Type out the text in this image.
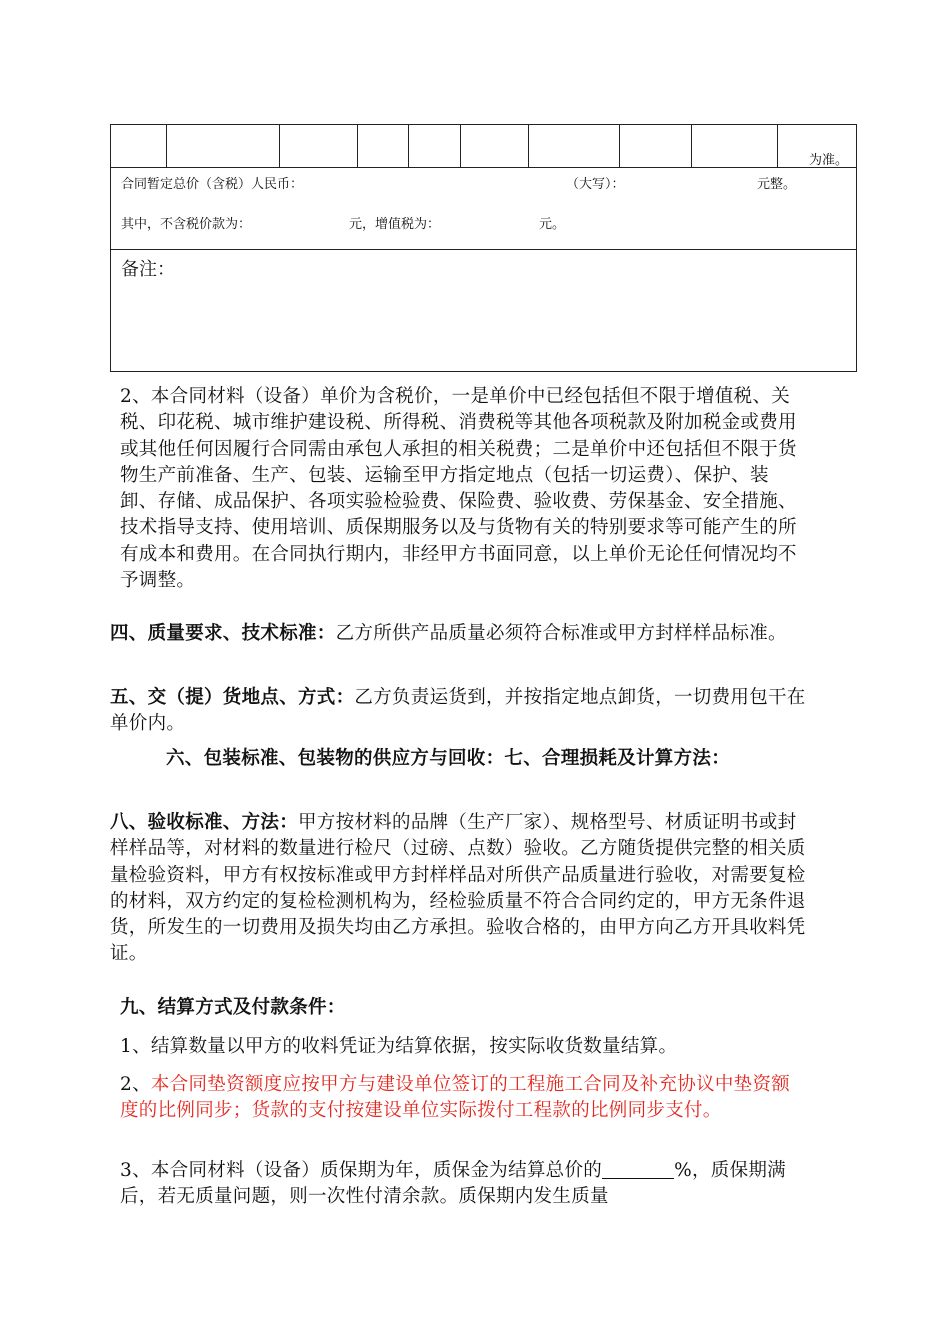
为准。
合同暂定总价（含税）人民币：	（大写）：	元整。
其中，不含税价款为：	元，增值税为：	元。
备注：

2、本合同材料（设备）单价为含税价，一是单价中已经包括但不限于增值税、关税、印花税、城市维护建设税、所得税、消费税等其他各项税款及附加税金或费用或其他任何因履行合同需由承包人承担的相关税费；二是单价中还包括但不限于货物生产前准备、生产、包装、运输至甲方指定地点（包括一切运费）、保护、装卸、存储、成品保护、各项实验检验费、保险费、验收费、劳保基金、安全措施、技术指导支持、使用培训、质保期服务以及与货物有关的特别要求等可能产生的所有成本和费用。在合同执行期内，非经甲方书面同意，以上单价无论任何情况均不予调整。

四、质量要求、技术标准：乙方所供产品质量必须符合标准或甲方封样样品标准。

五、交（提）货地点、方式：乙方负责运货到，并按指定地点卸货，一切费用包干在单价内。

六、包装标准、包装物的供应方与回收：七、合理损耗及计算方法：

八、验收标准、方法：甲方按材料的品牌（生产厂家）、规格型号、材质证明书或封样样品等，对材料的数量进行检尺（过磅、点数）验收。乙方随货提供完整的相关质量检验资料，甲方有权按标准或甲方封样样品对所供产品质量进行验收，对需要复检的材料，双方约定的复检检测机构为，经检验质量不符合合同约定的，甲方无条件退货，所发生的一切费用及损失均由乙方承担。验收合格的，由甲方向乙方开具收料凭证。

九、结算方式及付款条件：

1、结算数量以甲方的收料凭证为结算依据，按实际收货数量结算。

2、本合同垫资额度应按甲方与建设单位签订的工程施工合同及补充协议中垫资额度的比例同步；货款的支付按建设单位实际拨付工程款的比例同步支付。

3、本合同材料（设备）质保期为年，质保金为结算总价的	%，质保期满后，若无质量问题，则一次性付清余款。质保期内发生质量
